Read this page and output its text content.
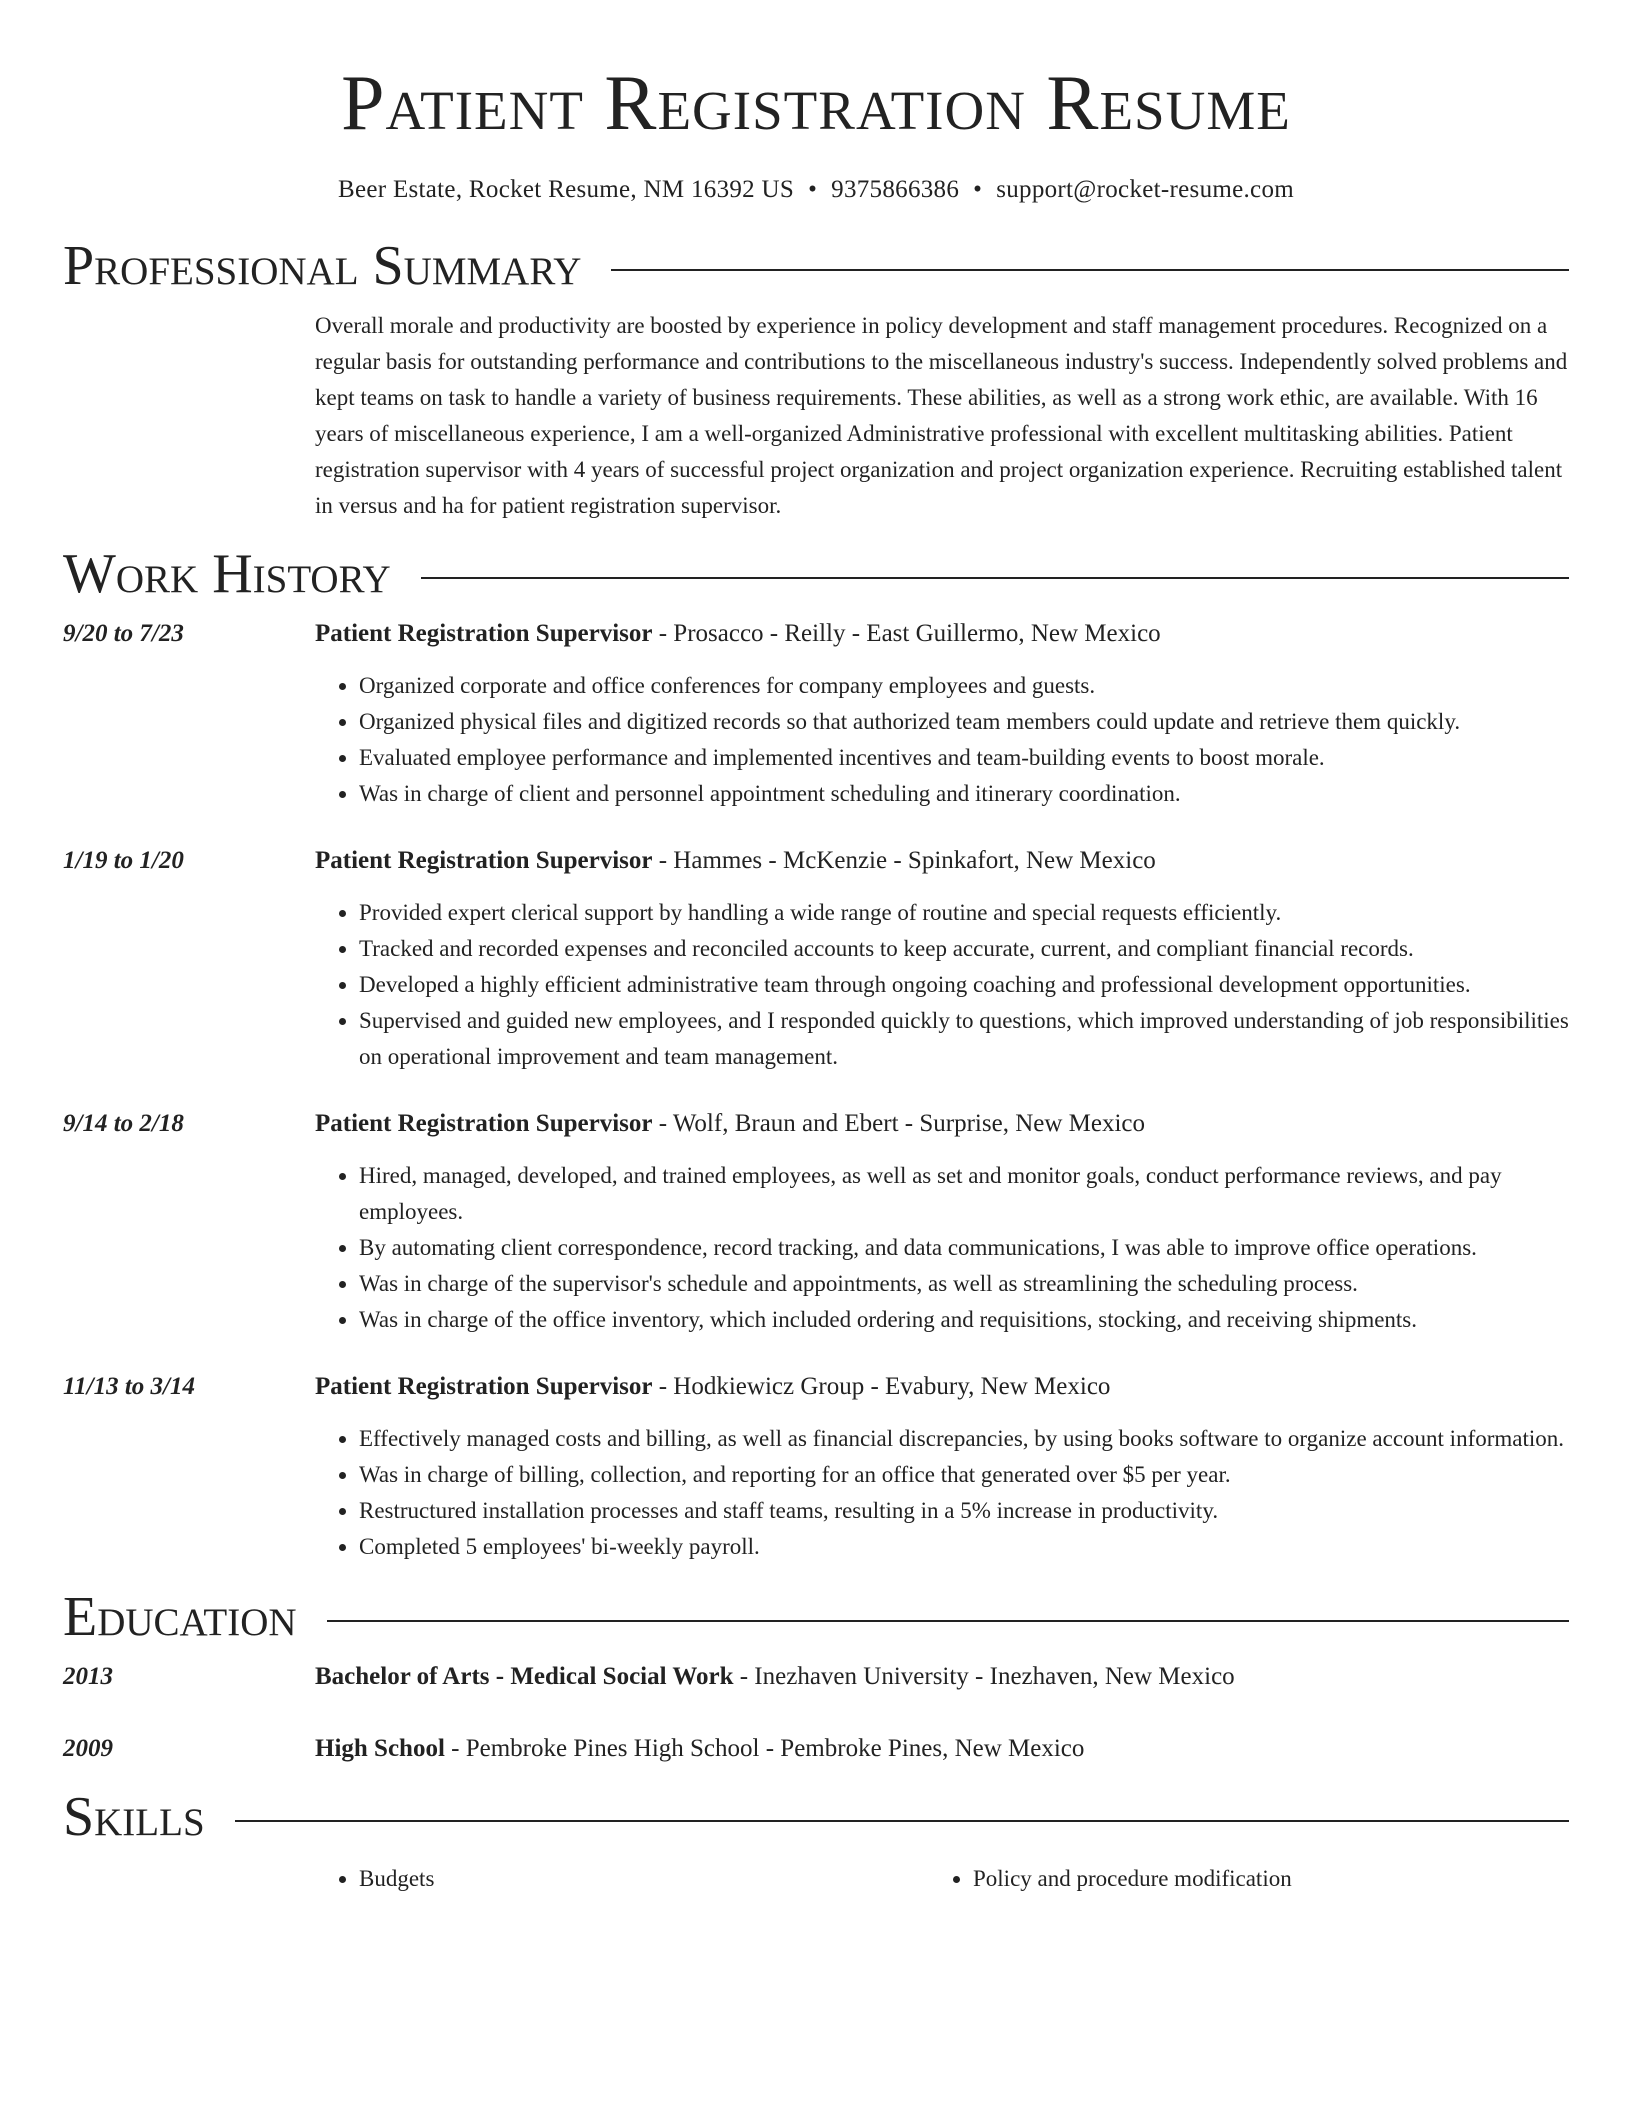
Patient Registration Resume
Beer Estate, Rocket Resume, NM 16392 US • 9375866386 • support@rocket-resume.com
Professional Summary
Overall morale and productivity are boosted by experience in policy development and staff management procedures. Recognized on a regular basis for outstanding performance and contributions to the miscellaneous industry's success. Independently solved problems and kept teams on task to handle a variety of business requirements. These abilities, as well as a strong work ethic, are available. With 16 years of miscellaneous experience, I am a well-organized Administrative professional with excellent multitasking abilities. Patient registration supervisor with 4 years of successful project organization and project organization experience. Recruiting established talent in versus and ha for patient registration supervisor.
Work History
9/20 to 7/23	Patient Registration Supervisor - Prosacco - Reilly - East Guillermo, New Mexico
• Organized corporate and office conferences for company employees and guests.
• Organized physical files and digitized records so that authorized team members could update and retrieve them quickly.
• Evaluated employee performance and implemented incentives and team-building events to boost morale.
• Was in charge of client and personnel appointment scheduling and itinerary coordination.
1/19 to 1/20	Patient Registration Supervisor - Hammes - McKenzie - Spinkafort, New Mexico
• Provided expert clerical support by handling a wide range of routine and special requests efficiently.
• Tracked and recorded expenses and reconciled accounts to keep accurate, current, and compliant financial records.
• Developed a highly efficient administrative team through ongoing coaching and professional development opportunities.
• Supervised and guided new employees, and I responded quickly to questions, which improved understanding of job responsibilities on operational improvement and team management.
9/14 to 2/18	Patient Registration Supervisor - Wolf, Braun and Ebert - Surprise, New Mexico
• Hired, managed, developed, and trained employees, as well as set and monitor goals, conduct performance reviews, and pay employees.
• By automating client correspondence, record tracking, and data communications, I was able to improve office operations.
• Was in charge of the supervisor's schedule and appointments, as well as streamlining the scheduling process.
• Was in charge of the office inventory, which included ordering and requisitions, stocking, and receiving shipments.
11/13 to 3/14	Patient Registration Supervisor - Hodkiewicz Group - Evabury, New Mexico
• Effectively managed costs and billing, as well as financial discrepancies, by using books software to organize account information.
• Was in charge of billing, collection, and reporting for an office that generated over $5 per year.
• Restructured installation processes and staff teams, resulting in a 5% increase in productivity.
• Completed 5 employees' bi-weekly payroll.
Education
2013	Bachelor of Arts - Medical Social Work - Inezhaven University - Inezhaven, New Mexico
2009	High School - Pembroke Pines High School - Pembroke Pines, New Mexico
Skills
• Budgets
•	Policy and procedure modification
